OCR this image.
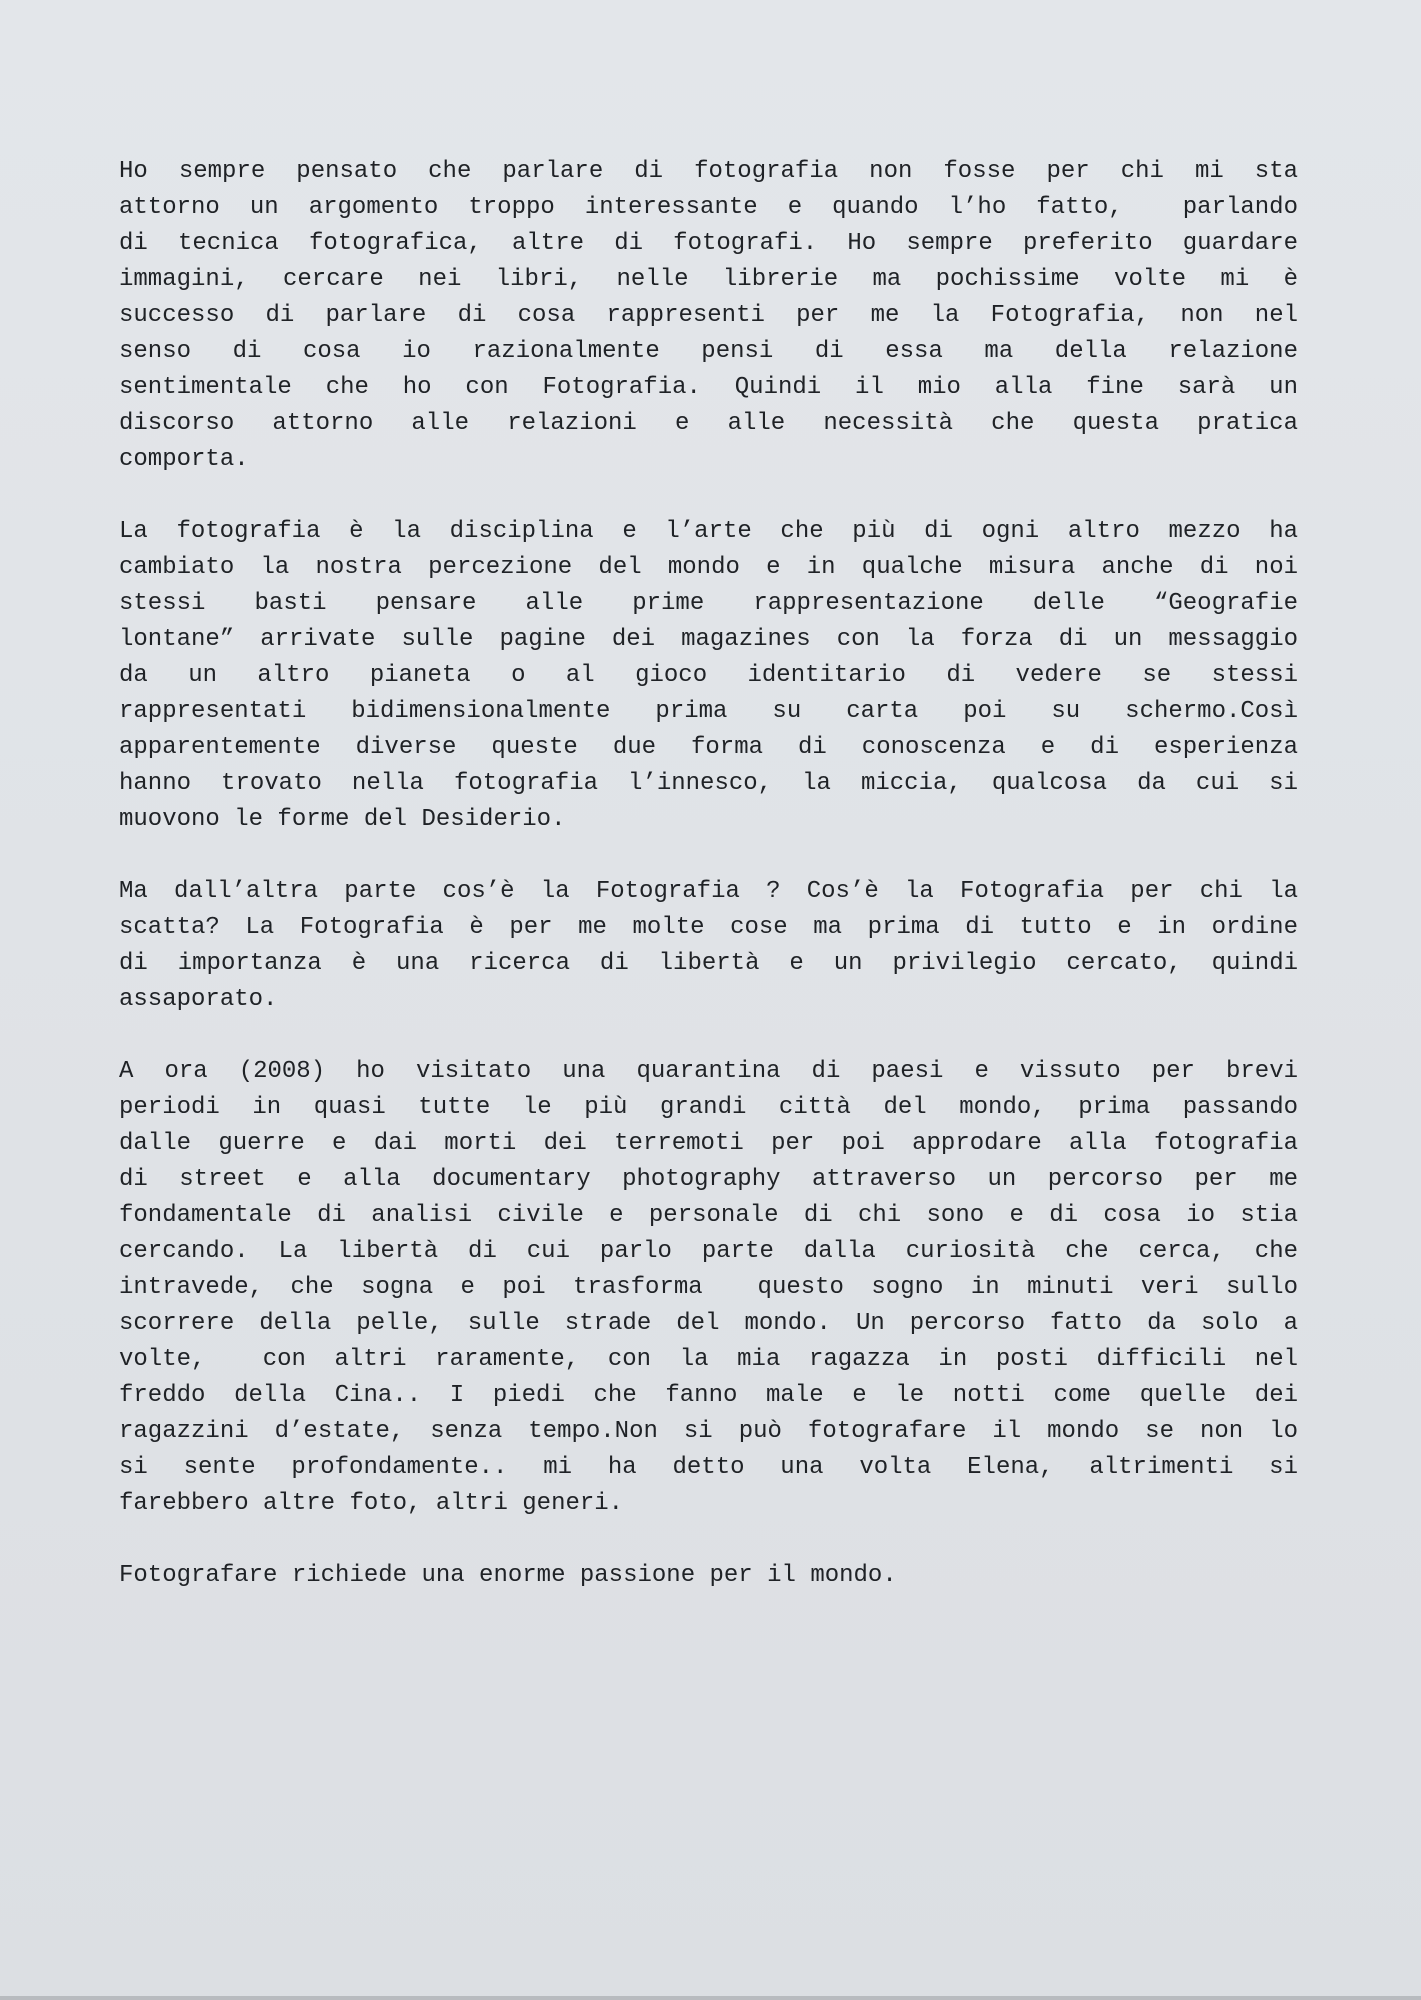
Ho sempre pensato che parlare di fotografia non fosse per chi mi sta
attorno un argomento troppo interessante e quando l’ho fatto,  parlando
di tecnica fotografica, altre di fotografi. Ho sempre preferito guardare
immagini, cercare nei libri, nelle librerie ma pochissime volte mi è
successo di parlare di cosa rappresenti per me la Fotografia, non nel
senso di cosa io razionalmente pensi di essa ma della relazione
sentimentale che ho con Fotografia. Quindi il mio alla fine sarà un
discorso attorno alle relazioni e alle necessità che questa pratica
comporta.
La fotografia è la disciplina e l’arte che più di ogni altro mezzo ha
cambiato la nostra percezione del mondo e in qualche misura anche di noi
stessi basti pensare alle prime rappresentazione delle “Geografie
lontane” arrivate sulle pagine dei magazines con la forza di un messaggio
da un altro pianeta o al gioco identitario di vedere se stessi
rappresentati bidimensionalmente prima su carta poi su schermo.Così
apparentemente diverse queste due forma di conoscenza e di esperienza
hanno trovato nella fotografia l’innesco, la miccia, qualcosa da cui si
muovono le forme del Desiderio.
Ma dall’altra parte cos’è la Fotografia ? Cos’è la Fotografia per chi la
scatta? La Fotografia è per me molte cose ma prima di tutto e in ordine
di importanza è una ricerca di libertà e un privilegio cercato, quindi
assaporato.
A ora (2008) ho visitato una quarantina di paesi e vissuto per brevi
periodi in quasi tutte le più grandi città del mondo, prima passando
dalle guerre e dai morti dei terremoti per poi approdare alla fotografia
di street e alla documentary photography attraverso un percorso per me
fondamentale di analisi civile e personale di chi sono e di cosa io stia
cercando. La libertà di cui parlo parte dalla curiosità che cerca, che
intravede, che sogna e poi trasforma  questo sogno in minuti veri sullo
scorrere della pelle, sulle strade del mondo. Un percorso fatto da solo a
volte,  con altri raramente, con la mia ragazza in posti difficili nel
freddo della Cina.. I piedi che fanno male e le notti come quelle dei
ragazzini d’estate, senza tempo.Non si può fotografare il mondo se non lo
si sente profondamente.. mi ha detto una volta Elena, altrimenti si
farebbero altre foto, altri generi.
Fotografare richiede una enorme passione per il mondo.
